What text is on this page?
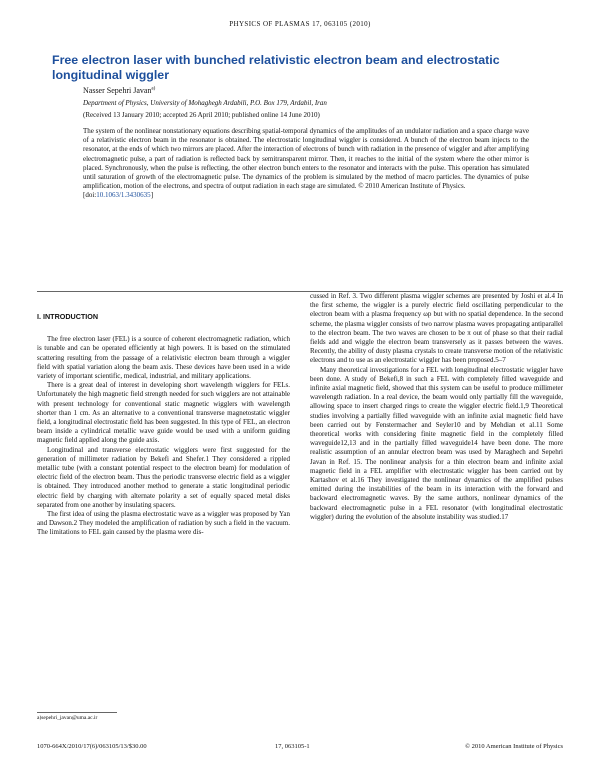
PHYSICS OF PLASMAS 17, 063105 (2010)
Free electron laser with bunched relativistic electron beam and electrostatic longitudinal wiggler
Nasser Sepehri Javan$^{a)}$
Department of Physics, University of Mohaghegh Ardabili, P.O. Box 179, Ardabil, Iran
(Received 13 January 2010; accepted 26 April 2010; published online 14 June 2010)
The system of the nonlinear nonstationary equations describing spatial-temporal dynamics of the amplitudes of an undulator radiation and a space charge wave of a relativistic electron beam in the resonator is obtained. The electrostatic longitudinal wiggler is considered. A bunch of the electron beam injects to the resonator, at the ends of which two mirrors are placed. After the interaction of electrons of bunch with radiation in the presence of wiggler and after amplifying electromagnetic pulse, a part of radiation is reflected back by semitransparent mirror. Then, it reaches to the initial of the system where the other mirror is placed. Synchronously, when the pulse is reflecting, the other electron bunch enters to the resonator and interacts with the pulse. This operation has simulated until saturation of growth of the electromagnetic pulse. The dynamics of the problem is simulated by the method of macro particles. The dynamics of pulse amplification, motion of the electrons, and spectra of output radiation in each stage are simulated. © 2010 American Institute of Physics.
[doi:10.1063/1.3430635]
I. INTRODUCTION

The free electron laser (FEL) is a source of coherent electromagnetic radiation, which is tunable and can be operated efficiently at high powers. It is based on the stimulated scattering resulting from the passage of a relativistic electron beam through a wiggler field with spatial variation along the beam axis. These devices have been used in a wide variety of important scientific, medical, industrial, and military applications.

There is a great deal of interest in developing short wavelength wigglers for FELs. Unfortunately the high magnetic field strength needed for such wigglers are not attainable with present technology for conventional static magnetic wigglers with wavelength shorter than 1 cm. As an alternative to a conventional transverse magnetostatic wiggler field, a longitudinal electrostatic field has been suggested. In this type of FEL, an electron beam inside a cylindrical metallic wave guide would be used with a uniform guiding magnetic field applied along the guide axis.

Longitudinal and transverse electrostatic wigglers were first suggested for the generation of millimeter radiation by Bekefi and Shefer.1 They considered a rippled metallic tube (with a constant potential respect to the electron beam) for modulation of electric field of the electron beam. Thus the periodic transverse electric field as a wiggler is obtained. They introduced another method to generate a static longitudinal periodic electric field by charging with alternate polarity a set of equally spaced metal disks separated from one another by insulating spacers.

The first idea of using the plasma electrostatic wave as a wiggler was proposed by Yan and Dawson.2 They modeled the amplification of radiation by such a field in the vacuum. The limitations to FEL gain caused by the plasma were dis-

cussed in Ref. 3. Two different plasma wiggler schemes are presented by Joshi et al.4 In the first scheme, the wiggler is a purely electric field oscillating perpendicular to the electron beam with a plasma frequency ωp but with no spatial dependence. In the second scheme, the plasma wiggler consists of two narrow plasma waves propagating antiparallel to the electron beam. The two waves are chosen to be π out of phase so that their radial fields add and wiggle the electron beam transversely as it passes between the waves. Recently, the ability of dusty plasma crystals to create transverse motion of the relativistic electrons and to use as an electrostatic wiggler has been proposed.5–7

Many theoretical investigations for a FEL with longitudinal electrostatic wiggler have been done. A study of Bekefi,8 in such a FEL with completely filled waveguide and infinite axial magnetic field, showed that this system can be useful to produce millimeter wavelength radiation. In a real device, the beam would only partially fill the waveguide, allowing space to insert charged rings to create the wiggler electric field.1,9 Theoretical studies involving a partially filled waveguide with an infinite axial magnetic field have been carried out by Fenstermacher and Seyler10 and by Mehdian et al.11 Some theoretical works with considering finite magnetic field in the completely filled waveguide12,13 and in the partially filled waveguide14 have been done. The more realistic assumption of an annular electron beam was used by Maraghech and Sepehri Javan in Ref. 15. The nonlinear analysis for a thin electron beam and infinite axial magnetic field in a FEL amplifier with electrostatic wiggler has been carried out by Kartashov et al.16 They investigated the nonlinear dynamics of the amplified pulses emitted during the instabilities of the beam in its interaction with the forward and backward electromagnetic waves. By the same authors, nonlinear dynamics of the backward electromagnetic pulse in a FEL resonator (with longitudinal electrostatic wiggler) during the evolution of the absolute instability was studied.17

a)sepehri_javan@uma.ac.ir
1070-664X/2010/17(6)/063105/13/$30.00	17, 063105-1	© 2010 American Institute of Physics
